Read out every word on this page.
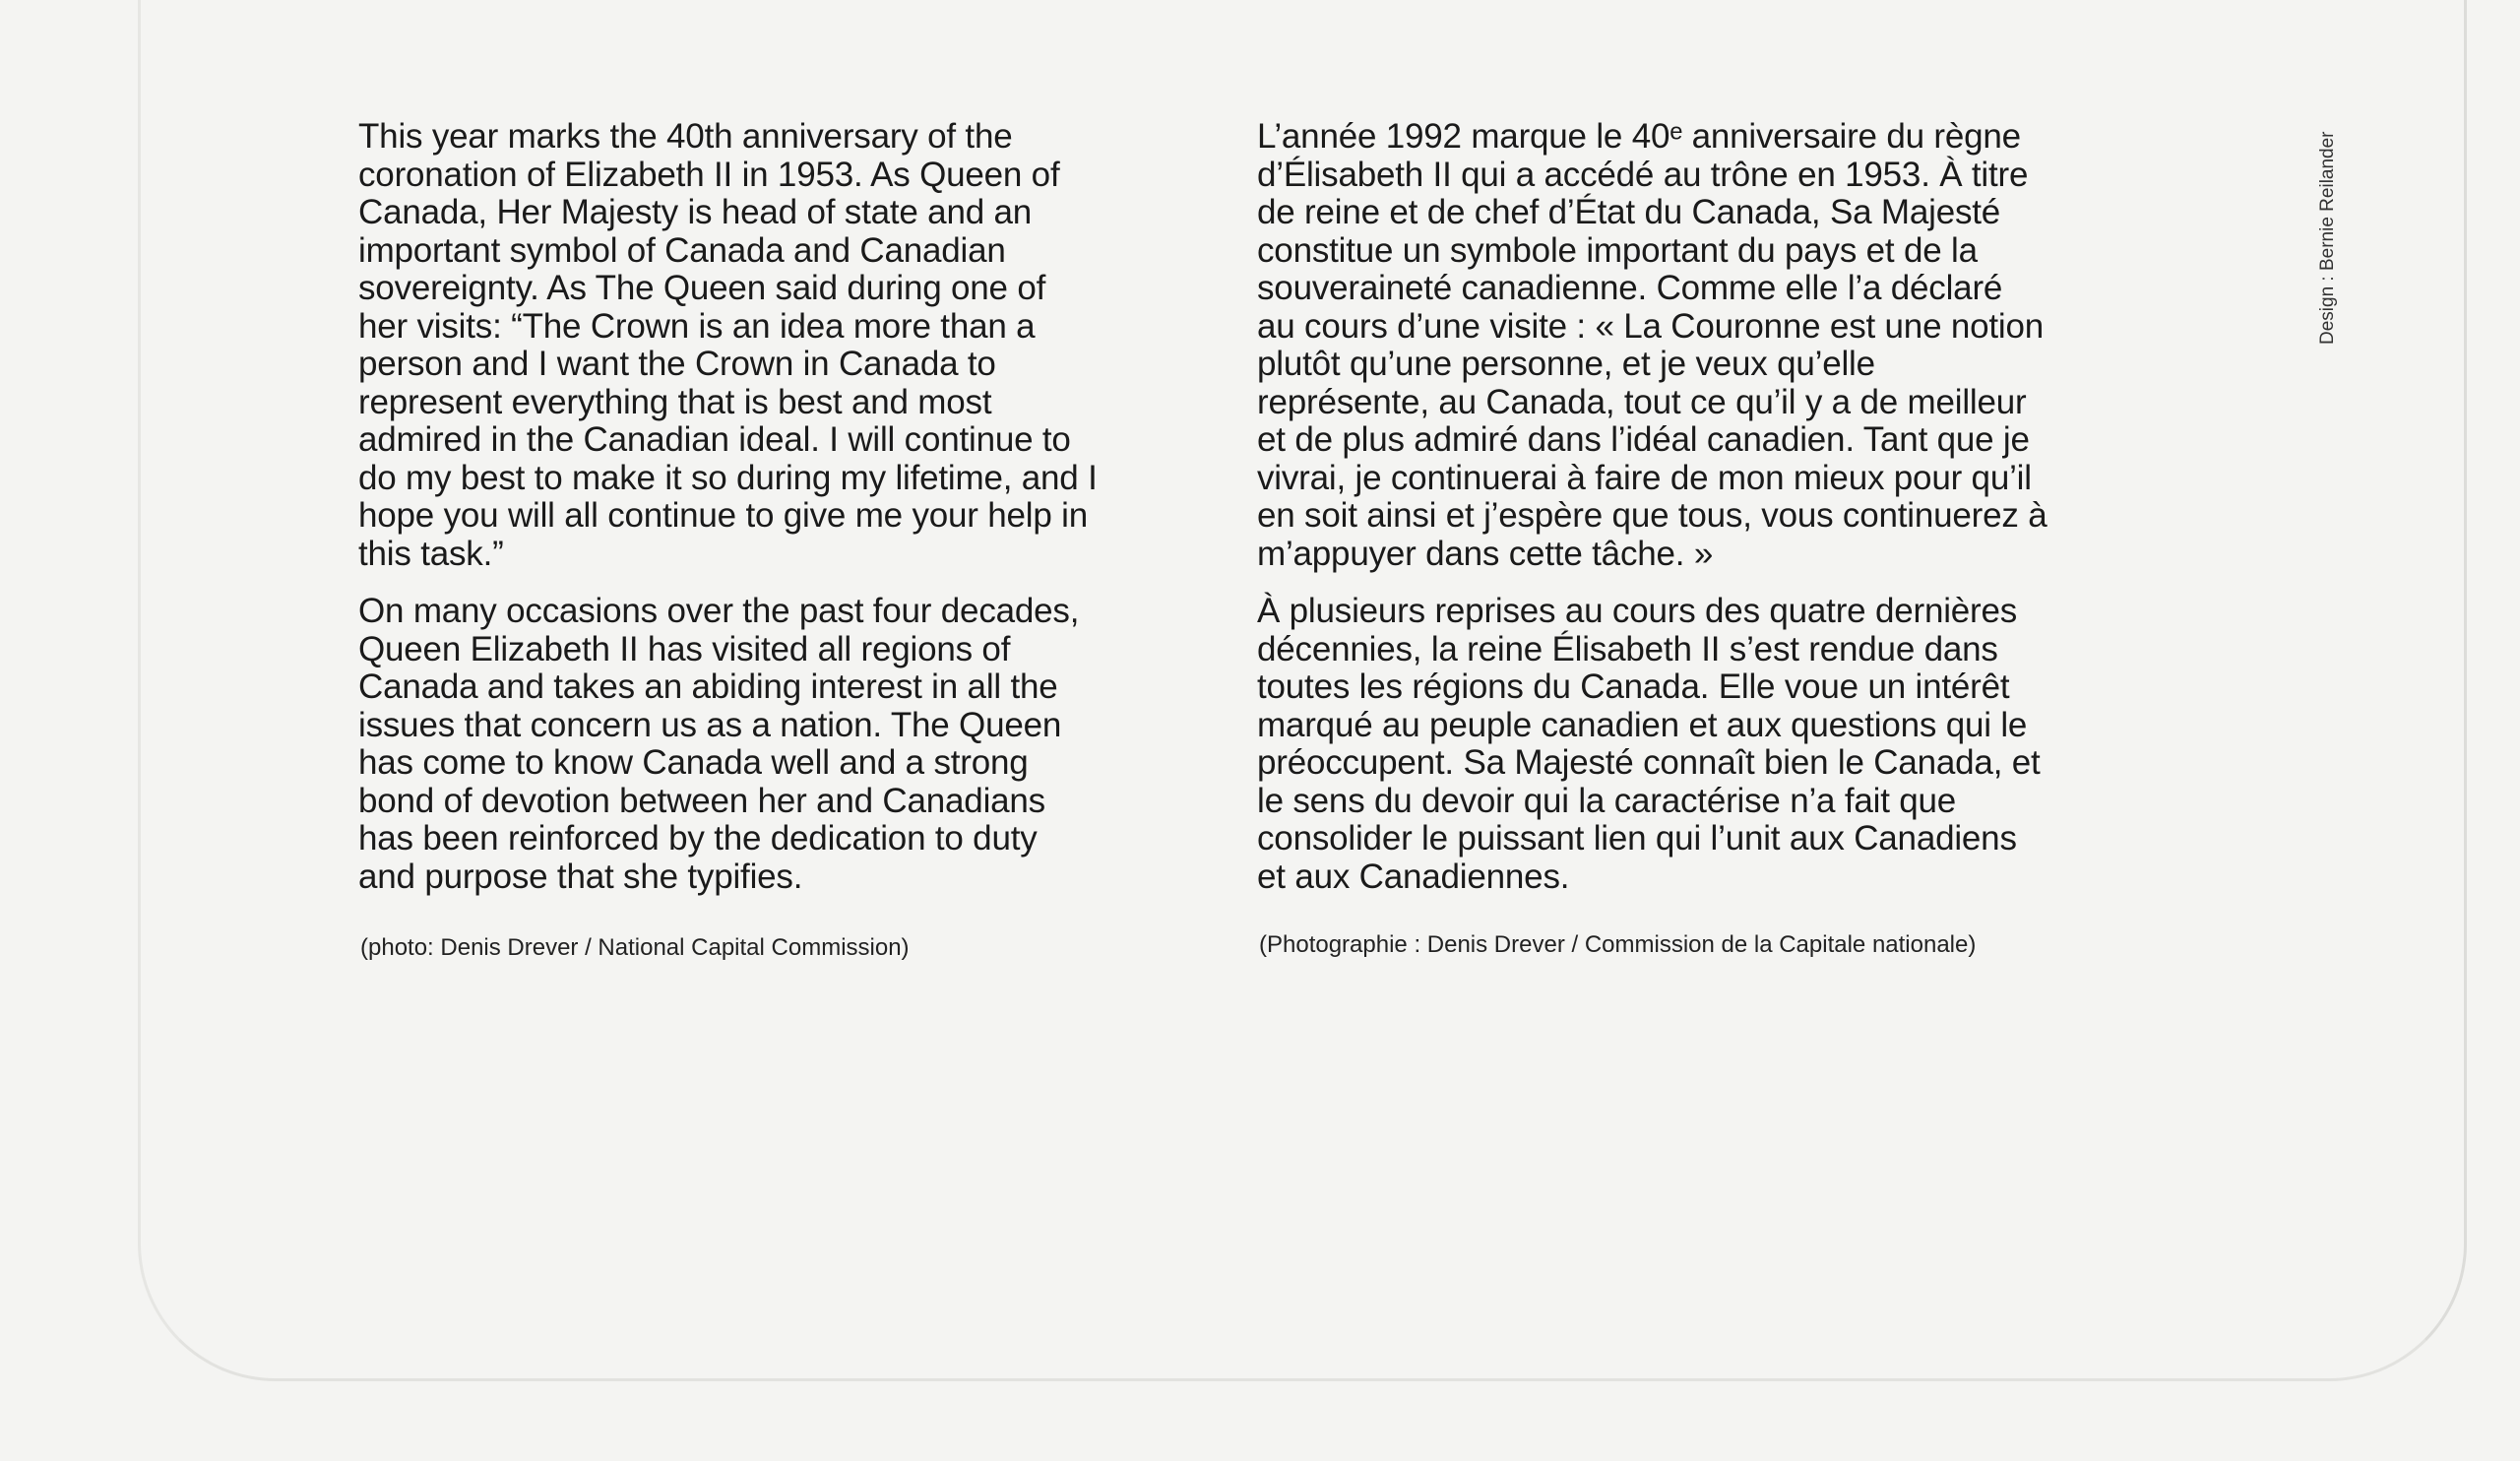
This year marks the 40th anniversary of the
coronation of Elizabeth II in 1953. As Queen of
Canada, Her Majesty is head of state and an
important symbol of Canada and Canadian
sovereignty. As The Queen said during one of
her visits: “The Crown is an idea more than a
person and I want the Crown in Canada to
represent everything that is best and most
admired in the Canadian ideal. I will continue to
do my best to make it so during my lifetime, and I
hope you will all continue to give me your help in
this task.”

On many occasions over the past four decades,
Queen Elizabeth II has visited all regions of
Canada and takes an abiding interest in all the
issues that concern us as a nation. The Queen
has come to know Canada well and a strong
bond of devotion between her and Canadians
has been reinforced by the dedication to duty
and purpose that she typifies.

L’année 1992 marque le 40ᵉ anniversaire du règne
d’Élisabeth II qui a accédé au trône en 1953. À titre
de reine et de chef d’État du Canada, Sa Majesté
constitue un symbole important du pays et de la
souveraineté canadienne. Comme elle l’a déclaré
au cours d’une visite : « La Couronne est une notion
plutôt qu’une personne, et je veux qu’elle
représente, au Canada, tout ce qu’il y a de meilleur
et de plus admiré dans l’idéal canadien. Tant que je
vivrai, je continuerai à faire de mon mieux pour qu’il
en soit ainsi et j’espère que tous, vous continuerez à
m’appuyer dans cette tâche. »

À plusieurs reprises au cours des quatre dernières
décennies, la reine Élisabeth II s’est rendue dans
toutes les régions du Canada. Elle voue un intérêt
marqué au peuple canadien et aux questions qui le
préoccupent. Sa Majesté connaît bien le Canada, et
le sens du devoir qui la caractérise n’a fait que
consolider le puissant lien qui l’unit aux Canadiens
et aux Canadiennes.

(photo: Denis Drever / National Capital Commission)	(Photographie : Denis Drever / Commission de la Capitale nationale)
Design : Bernie Reilander
